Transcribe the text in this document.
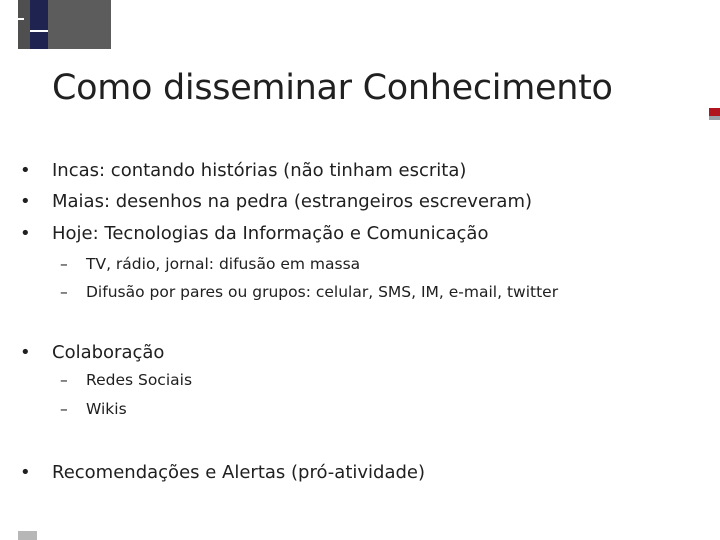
Como disseminar Conhecimento
•	Incas: contando histórias (não tinham escrita)
•	Maias: desenhos na pedra (estrangeiros escreveram)
•	Hoje: Tecnologias da Informação e Comunicação
– TV, rádio, jornal: difusão em massa
– Difusão por pares ou grupos: celular, SMS, IM, e-mail, twitter
•	Colaboração
– Redes Sociais
– Wikis
•	Recomendações e Alertas (pró-atividade)
